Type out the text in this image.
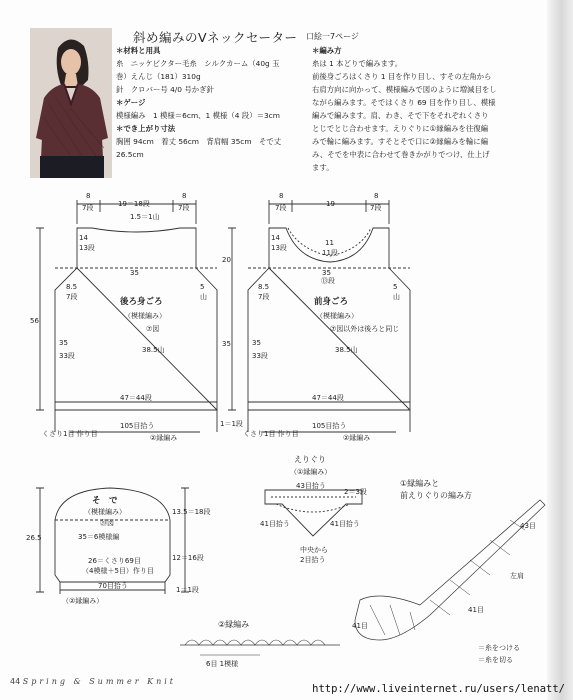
斜め編みのVネックセーター 口絵一7ページ
＊材料と用具
糸　ニッケビクター毛糸　シルクカーム（40g 玉
巻）えんじ（181）310g
針　クロバー号 4/0 号かぎ針
＊ゲージ
模様編み　1 模様＝6cm、1 模様（4 段）＝3cm
＊でき上がり寸法
胸囲 94cm　着丈 56cm　背肩幅 35cm　そで丈
26.5cm
＊編み方
糸は 1 本どりで編みます。
前後身ごろはくさり 1 目を作り目し、すその左角から
右肩方向に向かって、模様編みで図のように増減目をし
ながら編みます。そではくさり 69 目を作り目し、模様
編みで編みます。肩、わき、そで下をそれぞれくさり
とじでとじ合わせます。えりぐりに①縁編みを往復編
みで輪に編みます。すそとそで口に②縁編みを輪に編
み、そでを中表に合わせて巻きかがりでつけ、仕上げ
ます。
8
7段	19＝18段
8
7段
1.5＝1山
14
13段
35
8.5
7段
5
山
後ろ身ごろ
（模様編み）
⑦図
35
33段
38.5山
47＝44段
56
くさり1目 作り目
105目拾う
②縁編み
8
7段	19
8
7段
11
11段
14
13段
20
⑬段
35
8.5
7段
5
山
前身ごろ
（模様編み）
⑦図以外は後ろと同じ
35
33段
38.5山
47＝44段
35
1＝1段
くさり1目 作り目
105目拾う
②縁編み
そ　で
（模様編み）
⑳図
35＝6模様編
13.5＝18段
12＝16段
26.5
26＝くさり69目
（4模様＋5目）作り目
70目拾う
（②縁編み）
1＝1段
えりぐり
（①縁編み）
43目拾う
2＝3段
41目拾う	41目拾う
中央から
2目拾う
①縁編みと
前えりぐりの編み方
43目
41目
41目
左肩
＝糸をつける
＝糸を切る
②縁編み
6目 1模様
44 Spring & Summer Knit
http://www.liveinternet.ru/users/lenatt/
